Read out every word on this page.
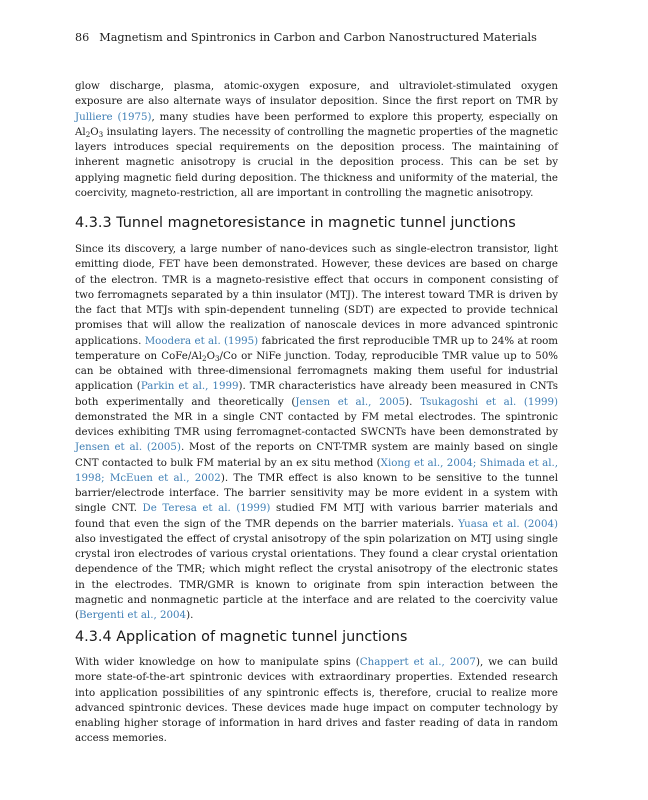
86 Magnetism and Spintronics in Carbon and Carbon Nanostructured Materials

glow discharge, plasma, atomic-oxygen exposure, and ultraviolet-stimulated oxygen exposure are also alternate ways of insulator deposition. Since the first report on TMR by Julliere (1975), many studies have been performed to explore this property, especially on $Al_2O_3$ insulating layers. The necessity of controlling the magnetic properties of the magnetic layers introduces special requirements on the deposition process. The maintaining of inherent magnetic anisotropy is crucial in the deposition process. This can be set by applying magnetic field during deposition. The thickness and uniformity of the material, the coercivity, magneto-restriction, all are important in controlling the magnetic anisotropy.

4.3.3 Tunnel magnetoresistance in magnetic tunnel junctions

Since its discovery, a large number of nano-devices such as single-electron transistor, light emitting diode, FET have been demonstrated. However, these devices are based on charge of the electron. TMR is a magneto-resistive effect that occurs in component consisting of two ferromagnets separated by a thin insulator (MTJ). The interest toward TMR is driven by the fact that MTJs with spin-dependent tunneling (SDT) are expected to provide technical promises that will allow the realization of nanoscale devices in more advanced spintronic applications. Moodera et al. (1995) fabricated the first reproducible TMR up to 24% at room temperature on CoFe/$Al_2O_3/Co$ or NiFe junction. Today, reproducible TMR value up to 50% can be obtained with three-dimensional ferromagnets making them useful for industrial application (Parkin et al., 1999). TMR characteristics have already been measured in CNTs both experimentally and theoretically (Jensen et al., 2005). Tsukagoshi et al. (1999) demonstrated the MR in a single CNT contacted by FM metal electrodes. The spintronic devices exhibiting TMR using ferromagnet-contacted SWCNTs have been demonstrated by Jensen et al. (2005). Most of the reports on CNT-TMR system are mainly based on single CNT contacted to bulk FM material by an ex situ method (Xiong et al., 2004; Shimada et al., 1998; McEuen et al., 2002). The TMR effect is also known to be sensitive to the tunnel barrier/electrode interface. The barrier sensitivity may be more evident in a system with single CNT. De Teresa et al. (1999) studied FM MTJ with various barrier materials and found that even the sign of the TMR depends on the barrier materials. Yuasa et al. (2004) also investigated the effect of crystal anisotropy of the spin polarization on MTJ using single crystal iron electrodes of various crystal orientations. They found a clear crystal orientation dependence of the TMR; which might reflect the crystal anisotropy of the electronic states in the electrodes. TMR/GMR is known to originate from spin interaction between the magnetic and nonmagnetic particle at the interface and are related to the coercivity value (Bergenti et al., 2004).

4.3.4 Application of magnetic tunnel junctions

With wider knowledge on how to manipulate spins (Chappert et al., 2007), we can build more state-of-the-art spintronic devices with extraordinary properties. Extended research into application possibilities of any spintronic effects is, therefore, crucial to realize more advanced spintronic devices. These devices made huge impact on computer technology by enabling higher storage of information in hard drives and faster reading of data in random access memories.
